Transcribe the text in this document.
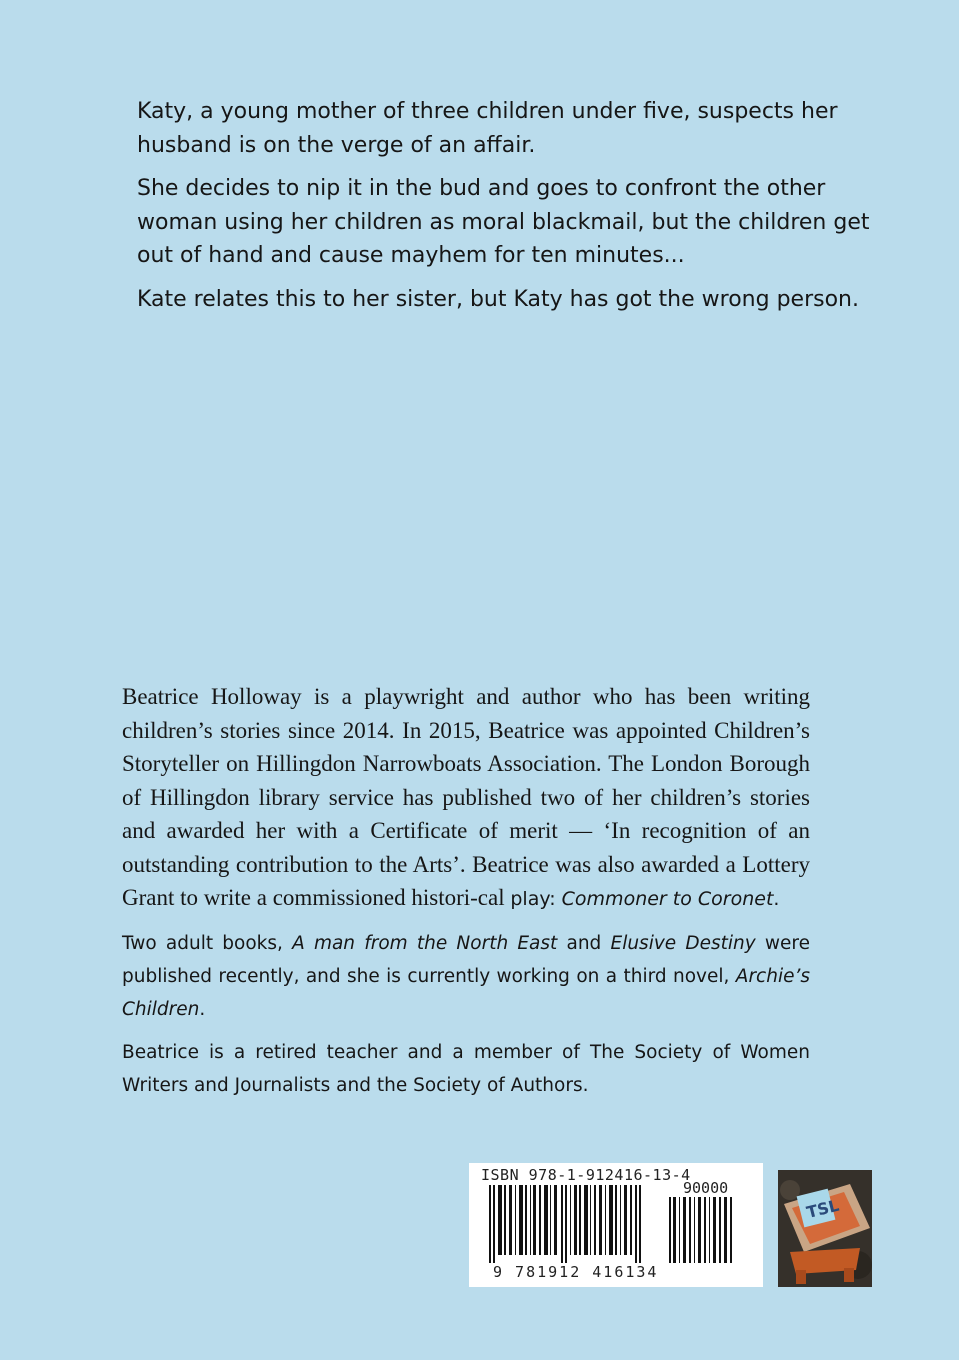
Katy, a young mother of three children under five, suspects her husband is on the verge of an affair.

She decides to nip it in the bud and goes to confront the other woman using her children as moral blackmail, but the children get out of hand and cause mayhem for ten minutes...

Kate relates this to her sister, but Katy has got the wrong person.

Beatrice Holloway is a playwright and author who has been writing children’s stories since 2014. In 2015, Beatrice was appointed Children’s Storyteller on Hillingdon Narrowboats Association. The London Borough of Hillingdon library service has published two of her children’s stories and awarded her with a Certificate of merit — ‘In recognition of an outstanding contribution to the Arts’. Beatrice was also awarded a Lottery Grant to write a commissioned histori-cal play: Commoner to Coronet.

Two adult books, A man from the North East and Elusive Destiny were published recently, and she is currently working on a third novel, Archie’s Children.

Beatrice is a retired teacher and a member of The Society of Women Writers and Journalists and the Society of Authors.

ISBN 978-1-912416-13-4
90000
9 781912 416134
TSL
